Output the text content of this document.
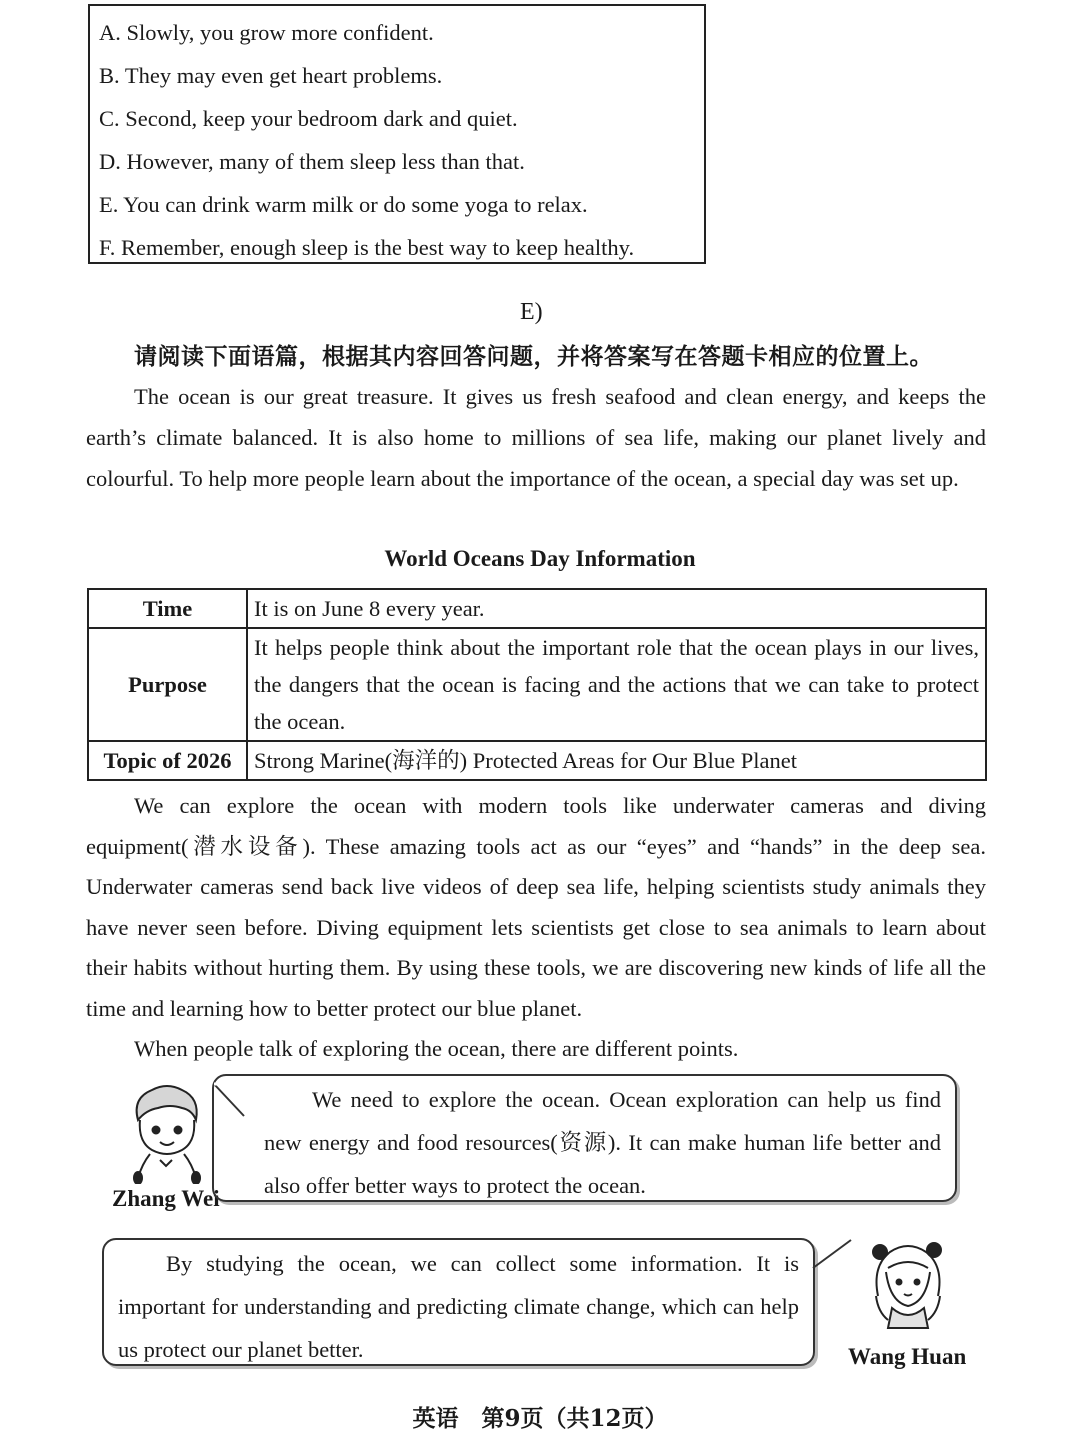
A. Slowly, you grow more confident.
B. They may even get heart problems.
C. Second, keep your bedroom dark and quiet.
D. However, many of them sleep less than that.
E. You can drink warm milk or do some yoga to relax.
F. Remember, enough sleep is the best way to keep healthy.
E)
请阅读下面语篇，根据其内容回答问题，并将答案写在答题卡相应的位置上。
The ocean is our great treasure. It gives us fresh seafood and clean energy, and keeps the earth’s climate balanced. It is also home to millions of sea life, making our planet lively and colourful. To help more people learn about the importance of the ocean, a special day was set up.
World Oceans Day Information
Time	It is on June 8 every year.
Purpose	It helps people think about the important role that the ocean plays in our lives, the dangers that the ocean is facing and the actions that we can take to protect the ocean.
Topic of 2026	Strong Marine(海洋的) Protected Areas for Our Blue Planet
We can explore the ocean with modern tools like underwater cameras and diving equipment(潜水设备). These amazing tools act as our “eyes” and “hands” in the deep sea. Underwater cameras send back live videos of deep sea life, helping scientists study animals they have never seen before. Diving equipment lets scientists get close to sea animals to learn about their habits without hurting them. By using these tools, we are discovering new kinds of life all the time and learning how to better protect our blue planet.
When people talk of exploring the ocean, there are different points.
Zhang Wei
We need to explore the ocean. Ocean exploration can help us find new energy and food resources(资源). It can make human life better and also offer better ways to protect the ocean.
By studying the ocean, we can collect some information. It is important for understanding and predicting climate change, which can help us protect our planet better.	Wang Huan
英语　第9页（共12页）
